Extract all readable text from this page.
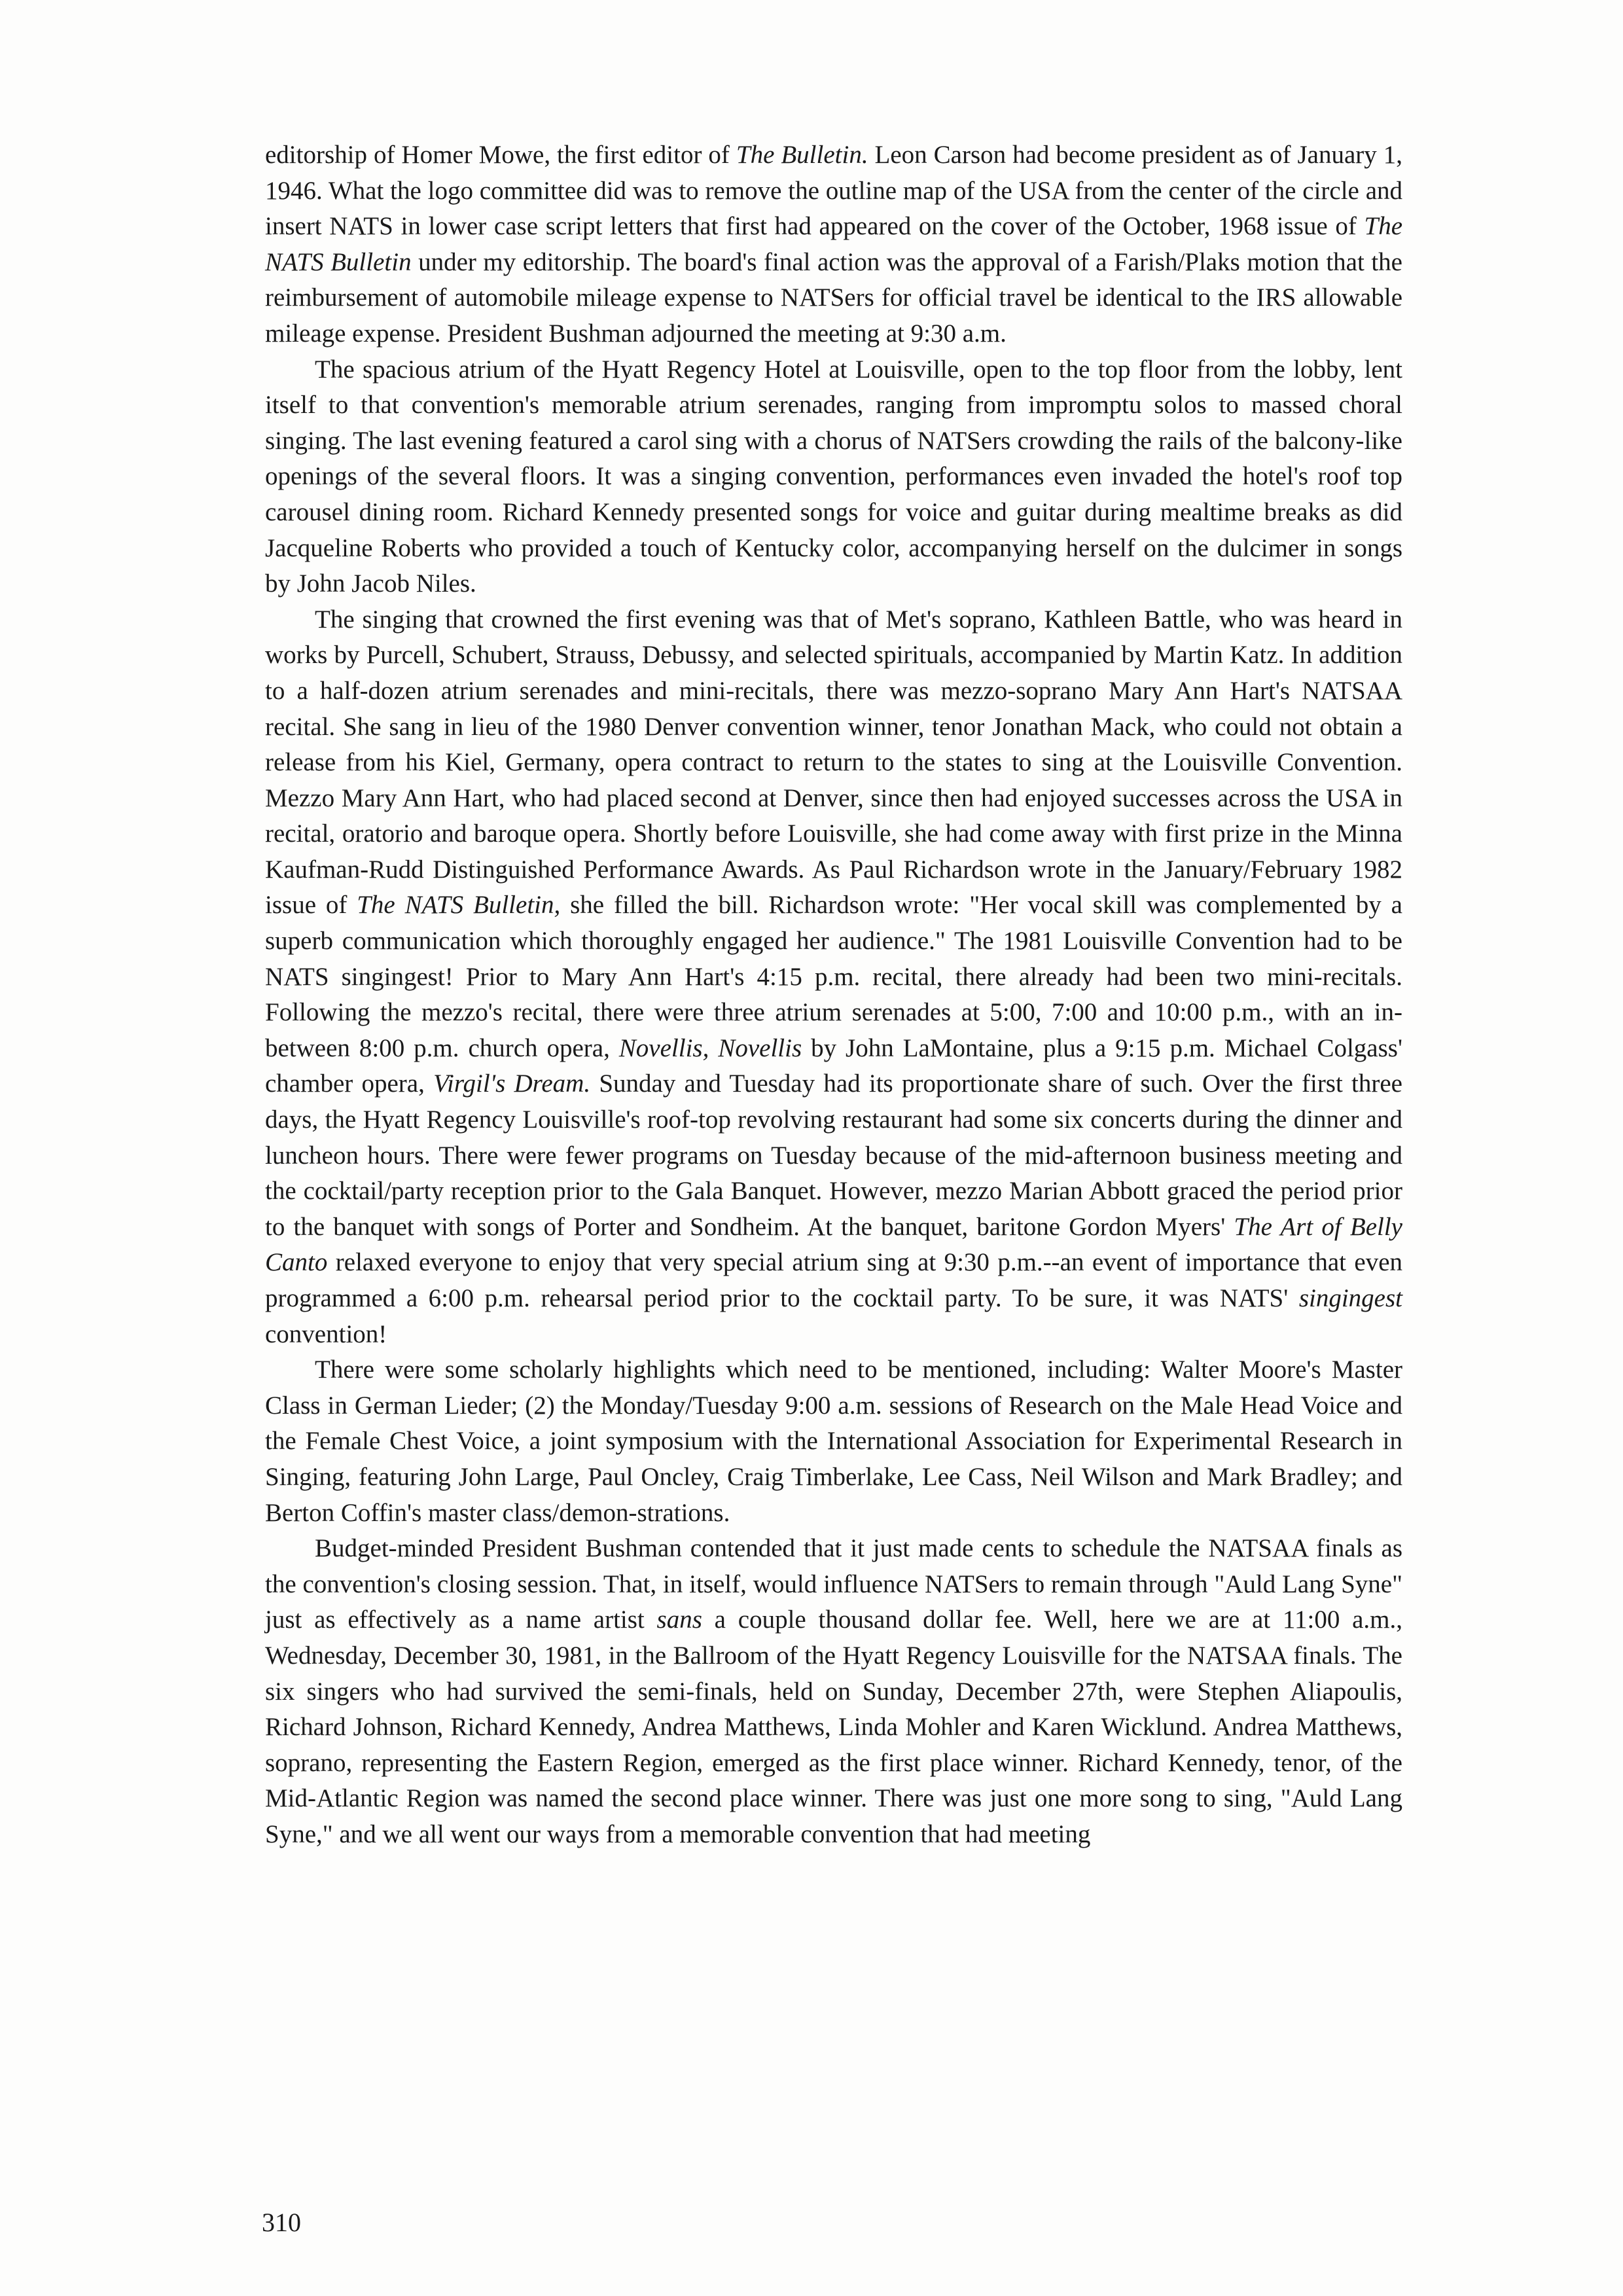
editorship of Homer Mowe, the first editor of The Bulletin. Leon Carson had become president as of January 1, 1946. What the logo committee did was to remove the outline map of the USA from the center of the circle and insert NATS in lower case script letters that first had appeared on the cover of the October, 1968 issue of The NATS Bulletin under my editorship. The board's final action was the approval of a Farish/Plaks motion that the reimbursement of automobile mileage expense to NATSers for official travel be identical to the IRS allowable mileage expense. President Bushman adjourned the meeting at 9:30 a.m.

The spacious atrium of the Hyatt Regency Hotel at Louisville, open to the top floor from the lobby, lent itself to that convention's memorable atrium serenades, ranging from impromptu solos to massed choral singing. The last evening featured a carol sing with a chorus of NATSers crowding the rails of the balcony-like openings of the several floors. It was a singing convention, performances even invaded the hotel's roof top carousel dining room. Richard Kennedy presented songs for voice and guitar during mealtime breaks as did Jacqueline Roberts who provided a touch of Kentucky color, accompanying herself on the dulcimer in songs by John Jacob Niles.

The singing that crowned the first evening was that of Met's soprano, Kathleen Battle, who was heard in works by Purcell, Schubert, Strauss, Debussy, and selected spirituals, accompanied by Martin Katz. In addition to a half-dozen atrium serenades and mini-recitals, there was mezzo-soprano Mary Ann Hart's NATSAA recital. She sang in lieu of the 1980 Denver convention winner, tenor Jonathan Mack, who could not obtain a release from his Kiel, Germany, opera contract to return to the states to sing at the Louisville Convention. Mezzo Mary Ann Hart, who had placed second at Denver, since then had enjoyed successes across the USA in recital, oratorio and baroque opera. Shortly before Louisville, she had come away with first prize in the Minna Kaufman-Rudd Distinguished Performance Awards. As Paul Richardson wrote in the January/February 1982 issue of The NATS Bulletin, she filled the bill. Richardson wrote: "Her vocal skill was complemented by a superb communication which thoroughly engaged her audience." The 1981 Louisville Convention had to be NATS singingest! Prior to Mary Ann Hart's 4:15 p.m. recital, there already had been two mini-recitals. Following the mezzo's recital, there were three atrium serenades at 5:00, 7:00 and 10:00 p.m., with an in-between 8:00 p.m. church opera, Novellis, Novellis by John LaMontaine, plus a 9:15 p.m. Michael Colgass' chamber opera, Virgil's Dream. Sunday and Tuesday had its proportionate share of such. Over the first three days, the Hyatt Regency Louisville's roof-top revolving restaurant had some six concerts during the dinner and luncheon hours. There were fewer programs on Tuesday because of the mid-afternoon business meeting and the cocktail/party reception prior to the Gala Banquet. However, mezzo Marian Abbott graced the period prior to the banquet with songs of Porter and Sondheim. At the banquet, baritone Gordon Myers' The Art of Belly Canto relaxed everyone to enjoy that very special atrium sing at 9:30 p.m.--an event of importance that even programmed a 6:00 p.m. rehearsal period prior to the cocktail party. To be sure, it was NATS' singingest convention!

There were some scholarly highlights which need to be mentioned, including: Walter Moore's Master Class in German Lieder; (2) the Monday/Tuesday 9:00 a.m. sessions of Research on the Male Head Voice and the Female Chest Voice, a joint symposium with the International Association for Experimental Research in Singing, featuring John Large, Paul Oncley, Craig Timberlake, Lee Cass, Neil Wilson and Mark Bradley; and Berton Coffin's master class/demon-strations.

Budget-minded President Bushman contended that it just made cents to schedule the NATSAA finals as the convention's closing session. That, in itself, would influence NATSers to remain through "Auld Lang Syne" just as effectively as a name artist sans a couple thousand dollar fee. Well, here we are at 11:00 a.m., Wednesday, December 30, 1981, in the Ballroom of the Hyatt Regency Louisville for the NATSAA finals. The six singers who had survived the semi-finals, held on Sunday, December 27th, were Stephen Aliapoulis, Richard Johnson, Richard Kennedy, Andrea Matthews, Linda Mohler and Karen Wicklund. Andrea Matthews, soprano, representing the Eastern Region, emerged as the first place winner. Richard Kennedy, tenor, of the Mid-Atlantic Region was named the second place winner. There was just one more song to sing, "Auld Lang Syne," and we all went our ways from a memorable convention that had meeting

310
